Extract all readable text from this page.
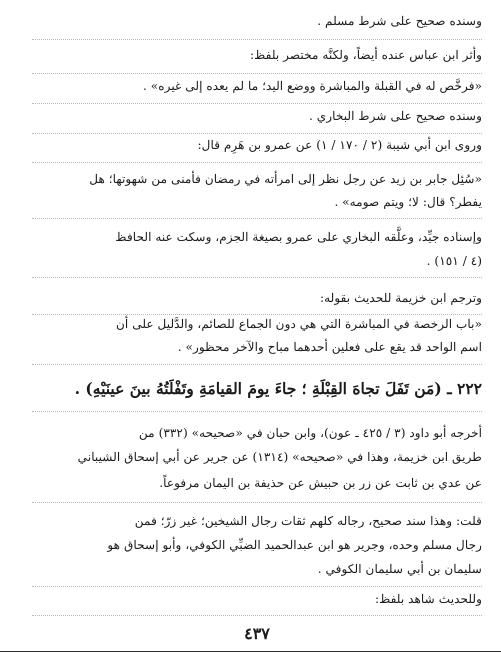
وسنده صحيح على شرط مسلم .
وأثر ابن عباس عنده أيضاً، ولكنَّه مختصر بلفظ:
«فرخَّص له في القبلة والمباشرة ووضع اليد؛ ما لم يعده إلى غيره» .
وسنده صحيح على شرط البخاري .
وروى ابن أبي شيبة (٢ / ١٧٠ / ١) عن عمرو بن هَرِم قال:
«سُئِل جابر بن زيد عن رجل نظر إلى امرأته في رمضان فأمنى من شهوتها؛ هل
يفطر؟ قال: لا؛ ويتم صومه» .
وإسناده جيِّد، وعلَّقه البخاري على عمرو بصيغة الجزم، وسكت عنه الحافظ
(٤ / ١٥١) .
وترجم ابن خزيمة للحديث بقوله:
«باب الرخصة في المباشرة التي هي دون الجماع للصائم، والدَّليل على أن
اسم الواحد قد يقع على فعلين أحدهما مباح والآخر محظور» .
٢٢٢ ـ (مَن تَفَلَ تجاهَ القِبْلَةِ ؛ جاءَ يومَ القيامَةِ وتَفْلَتُهُ بينَ عينَيْهِ) .
أخرجه أبو داود (٣ / ٤٢٥ ـ عون)، وابن حبان في «صحيحه» (٣٣٢) من
طريق ابن خزيمة، وهذا في «صحيحه» (١٣١٤) عن جرير عن أبي إسحاق الشيباني
عن عدي بن ثابت عن زر بن حبيش عن حذيفة بن اليمان مرفوعاً.
قلت: وهذا سند صحيح، رجاله كلهم ثقات رجال الشيخين؛ غير زرّ؛ فمن
رجال مسلم وحده، وجرير هو ابن عبدالحميد الضبِّي الكوفي، وأبو إسحاق هو
سليمان بن أبي سليمان الكوفي .
وللحديث شاهد بلفظ:
٤٣٧
